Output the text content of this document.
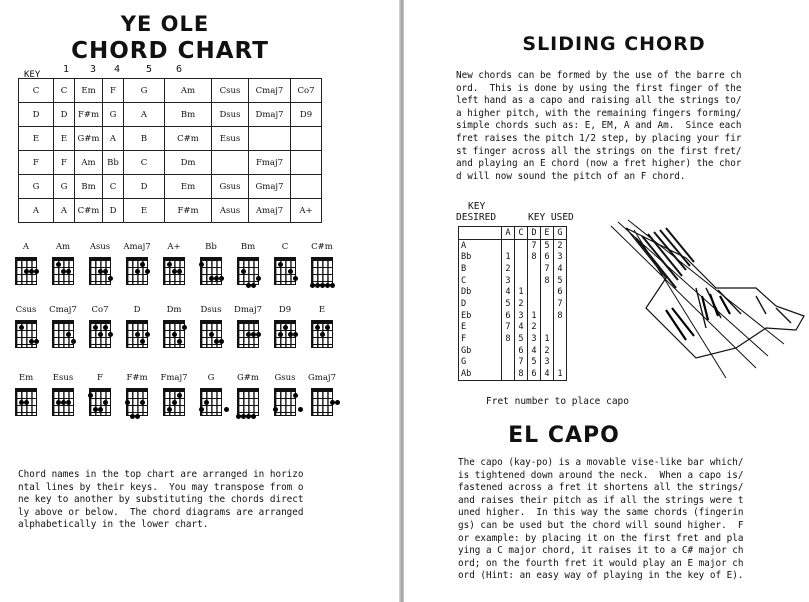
YE OLE
CHORD CHART
KEY 1 3 4	5 6
C	C	Em	F	G	Am	Csus	Cmaj7	Co7
D	D	F#m	G	A	Bm	Dsus	Dmaj7	D9
E	E	G#m	A	B	C#m	Esus		
F	F	Am	Bb	C	Dm		Fmaj7	
G	G	Bm	C	D	Em	Gsus	Gmaj7	
A	A	C#m	D	E	F#m	Asus	Amaj7	A+
A	Am	Asus	Amaj7	A+	Bb	Bm	C	C#m
Csus	Cmaj7	Co7	D	Dm	Dsus	Dmaj7	D9	E
Em	Esus	F	F#m	Fmaj7	G	G#m	Gsus	Gmaj7
Chord names in the top chart are arranged in horizo
ntal lines by their keys.  You may transpose from o
ne key to another by substituting the chords direct
ly above or below.  The chord diagrams are arranged
alphabetically in the lower chart.
SLIDING CHORD
New chords can be formed by the use of the barre ch
ord.  This is done by using the first finger of the
left hand as a capo and raising all the strings to/
a higher pitch, with the remaining fingers forming/
simple chords such as: E, EM, A and Am.  Since each
fret raises the pitch 1/2 step, by placing your fir
st finger across all the strings on the first fret/
and playing an E chord (now a fret higher) the chor
d will now sound the pitch of an F chord.
KEY
DESIRED	KEY USED
Fret number to place capo
EL CAPO
The capo (kay-po) is a movable vise-like bar which/
is tightened down around the neck.  When a capo is/
fastened across a fret it shortens all the strings/
and raises their pitch as if all the strings were t
uned higher.  In this way the same chords (fingerin
gs) can be used but the chord will sound higher.  F
or example: by placing it on the first fret and pla
ying a C major chord, it raises it to a C# major ch
ord; on the fourth fret it would play an E major ch
ord (Hint: an easy way of playing in the key of E).
	A	C	D	E	G
A			7	5	2
Bb	1		8	6	3
B	2			7	4
C	3			8	5
Db	4	1			6
D	5	2			7
Eb	6	3	1		8
E	7	4	2		
F	8	5	3	1	
Gb		6	4	2	
G		7	5	3	
Ab		8	6	4	1
